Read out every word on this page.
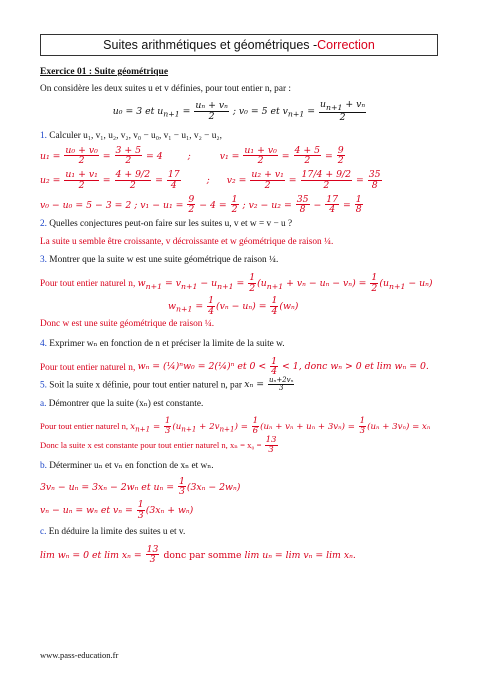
Suites arithmétiques et géométriques - Correction
Exercice 01 : Suite géométrique
On considère les deux suites u et v définies, pour tout entier n, par :
u₀ = 3 et $u_{n+1} = \frac{\text{uₙ + vₙ}}{2}$ ; v₀ = 5 et $v_{n+1} = \frac{u_{n+1} + v_n}{2}$
1. Calculer u₁, v₁, u₂, v₂, v₀ − u₀, v₁ − u₁, v₂ − u₂,
$u_1 = \frac{\text{u₀ + v₀}}{2} = \frac{3 + 5}{2} = 4$ ;	$v_1 = \frac{\text{u₁ + v₀}}{2} = \frac{4 + 5}{2} = \frac{9}{2}$
$u_2 = \frac{\text{u₁ + v₁}}{2} = \frac{4 + 9/2}{2} = \frac{17}{4}$	; $v_2 = \frac{\text{u₂ + v₁}}{2} = \frac{17/4 + 9/2}{2} = \frac{35}{8}$
v₀ − u₀ = 5 − 3 = 2 ; $v_1 - u_1 = \frac{9}{2} - 4 = \frac{1}{2}$ ; $v_2 - u_2 = \frac{35}{8} - \frac{17}{4} = \frac{1}{8}$
2. Quelles conjectures peut-on faire sur les suites u, v et w = v − u ?
La suite u semble être croissante, v décroissante et w géométrique de raison ¼.
3. Montrer que la suite w est une suite géométrique de raison ¼.
Pour tout entier naturel n, $w_{n+1} = v_{n+1} - u_{n+1} = \frac{1}{2} (u_{n+1} + v_n - u_n - v_n) = \frac{1}{2} (u_{n+1} - u_n)$
$w_{n+1} = \frac{1}{4} (v_n - u_n) = \frac{1}{4} (w_n)$
Donc w est une suite géométrique de raison ¼.
4. Exprimer wₙ en fonction de n et préciser la limite de la suite w.
Pour tout entier naturel n, wₙ = (¼)ⁿw₀ = 2(¼)ⁿ et $0 < \frac{1}{4} < 1$, donc wₙ > 0 et lim wₙ = 0.
5. Soit la suite x définie, pour tout entier naturel n, par $x_n = \frac{\text{uₙ+2vₙ}}{3}$
a. Démontrer que la suite (xₙ) est constante.
Pour tout entier naturel n, $x_{n+1} = \frac{1}{3} (u_{n+1} + 2v_{n+1}) = \frac{1}{6} (u_n + v_n + u_n + 3v_n) = \frac{1}{3} (u_n + 3v_n) = x_n$
Donc la suite x est constante pour tout entier naturel n, $x_n = x_0 = \frac{13}{3}$
b. Déterminer uₙ et vₙ en fonction de xₙ et wₙ.
3vₙ − uₙ = 3xₙ − 2wₙ et $u_n = \frac{1}{3} (3x_n - 2w_n)$
vₙ − uₙ = wₙ et $v_n = \frac{1}{3} (3x_n + w_n)$
c. En déduire la limite des suites u et v.
lim wₙ = 0 et $\lim x_n = \frac{13}{3}$ donc par somme lim uₙ = lim vₙ = lim xₙ.
www.pass-education.fr
